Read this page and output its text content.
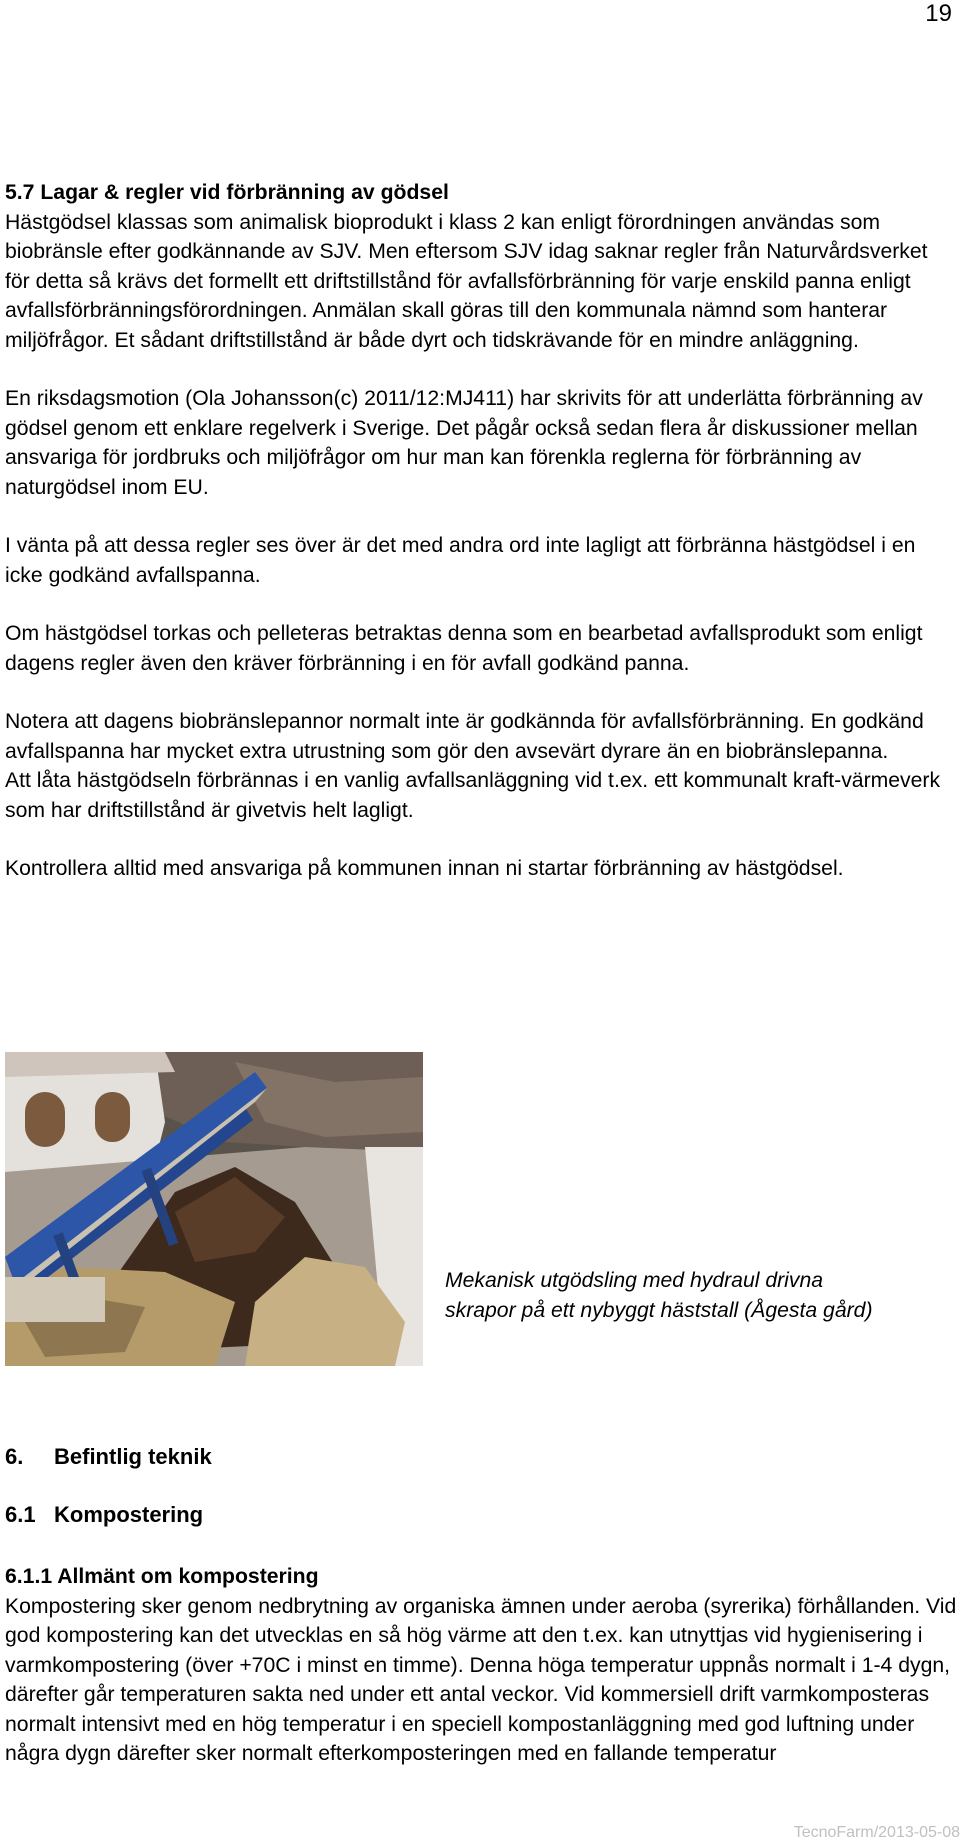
19

5.7 Lagar & regler vid förbränning av gödsel

Hästgödsel klassas som animalisk bioprodukt i klass 2 kan enligt förordningen användas som biobränsle efter godkännande av SJV. Men eftersom SJV idag saknar regler från Naturvårdsverket för detta så krävs det formellt ett driftstillstånd för avfallsförbränning för varje enskild panna enligt avfallsförbränningsförordningen. Anmälan skall göras till den kommunala nämnd som hanterar miljöfrågor. Et sådant driftstillstånd är både dyrt och tidskrävande för en mindre anläggning.

En riksdagsmotion (Ola Johansson(c) 2011/12:MJ411) har skrivits för att underlätta förbränning av gödsel genom ett enklare regelverk i Sverige. Det pågår också sedan flera år diskussioner mellan ansvariga för jordbruks och miljöfrågor om hur man kan förenkla reglerna för förbränning av naturgödsel inom EU.

I vänta på att dessa regler ses över är det med andra ord inte lagligt att förbränna hästgödsel i en icke godkänd avfallspanna.

Om hästgödsel torkas och pelleteras betraktas denna som en bearbetad avfallsprodukt som enligt dagens regler även den kräver förbränning i en för avfall godkänd panna.

Notera att dagens biobränslepannor normalt inte är godkännda för avfallsförbränning. En godkänd avfallspanna har mycket extra utrustning som gör den avsevärt dyrare än en biobränslepanna.

Att låta hästgödseln förbrännas i en vanlig avfallsanläggning vid t.ex. ett kommunalt kraft-värmeverk som har driftstillstånd är givetvis helt lagligt.

Kontrollera alltid med ansvariga på kommunen innan ni startar förbränning av hästgödsel.

Mekanisk utgödsling med hydraul drivna
skrapor på ett nybyggt häststall (Ågesta gård)
6. Befintlig teknik
6.1 Kompostering

6.1.1 Allmänt om kompostering

Kompostering sker genom nedbrytning av organiska ämnen under aeroba (syrerika) förhållanden. Vid god kompostering kan det utvecklas en så hög värme att den t.ex. kan utnyttjas vid hygienisering i varmkompostering (över +70C i minst en timme). Denna höga temperatur uppnås normalt i 1-4 dygn, därefter går temperaturen sakta ned under ett antal veckor. Vid kommersiell drift varmkomposteras normalt intensivt med en hög temperatur i en speciell kompostanläggning med god luftning under några dygn därefter sker normalt efterkomposteringen med en fallande temperatur

TecnoFarm/2013-05-08
